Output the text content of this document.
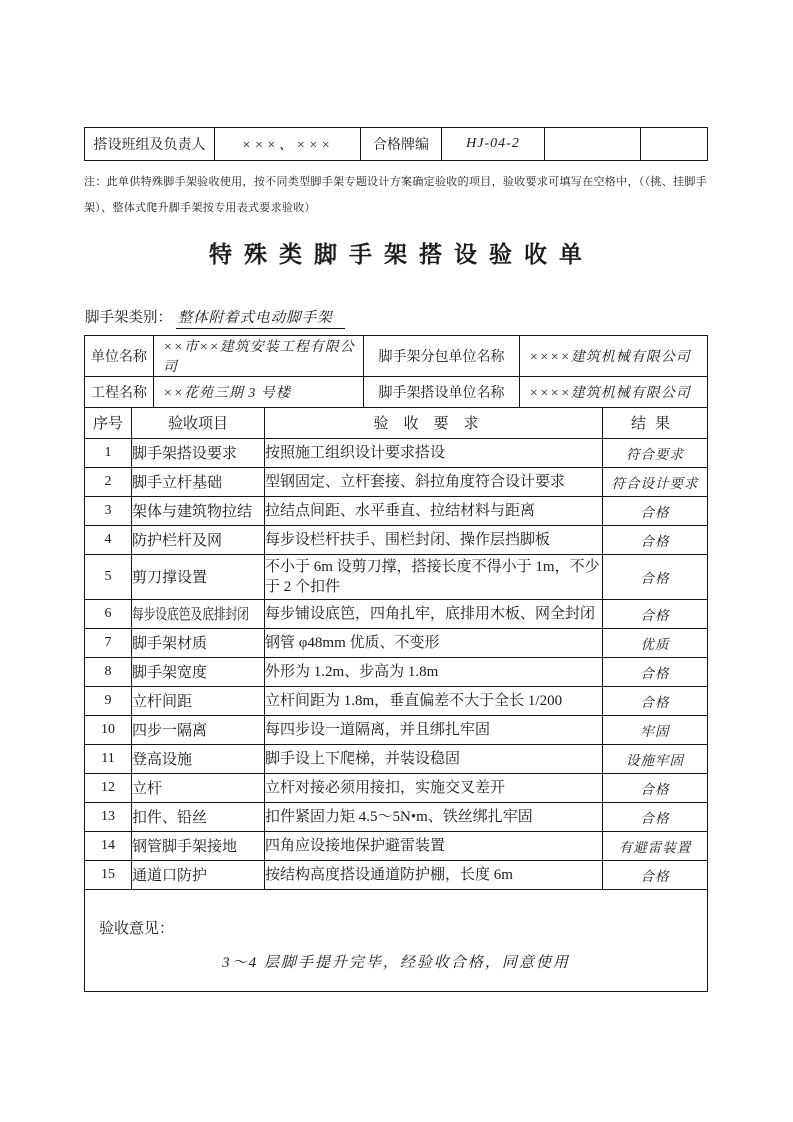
搭设班组及负责人	×××、×××	合格牌编	HJ-04-2		

注：此单供特殊脚手架验收使用，按不同类型脚手架专题设计方案确定验收的项目，验收要求可填写在空格中，（（挑、挂脚手架）、整体式爬升脚手架按专用表式要求验收）

特殊类脚手架搭设验收单
脚手架类别： 整体附着式电动脚手架
单位名称	××市××建筑安装工程有限公司	脚手架分包单位名称	××××建筑机械有限公司
工程名称	××花苑三期 3 号楼	脚手架搭设单位名称	××××建筑机械有限公司
序号	验收项目	验收要求	结果
1	脚手架搭设要求	按照施工组织设计要求搭设	符合要求
2	脚手立杆基础	型钢固定、立杆套接、斜拉角度符合设计要求	符合设计要求
3	架体与建筑物拉结	拉结点间距、水平垂直、拉结材料与距离	合格
4	防护栏杆及网	每步设栏杆扶手、围栏封闭、操作层挡脚板	合格
5	剪刀撑设置	不小于 6m 设剪刀撑，搭接长度不得小于 1m，不少于 2 个扣件	合格
6	每步设底笆及底排封闭	每步铺设底笆，四角扎牢，底排用木板、网全封闭	合格
7	脚手架材质	钢管 φ48mm 优质、不变形	优质
8	脚手架宽度	外形为 1.2m、步高为 1.8m	合格
9	立杆间距	立杆间距为 1.8m，垂直偏差不大于全长 1/200	合格
10	四步一隔离	每四步设一道隔离，并且绑扎牢固	牢固
11	登高设施	脚手设上下爬梯，并装设稳固	设施牢固
12	立杆	立杆对接必须用接扣，实施交叉差开	合格
13	扣件、铅丝	扣件紧固力矩 4.5～5N•m、铁丝绑扎牢固	合格
14	钢管脚手架接地	四角应设接地保护避雷装置	有避雷装置
15	通道口防护	按结构高度搭设通道防护棚，长度 6m	合格

验收意见：
3～4 层脚手提升完毕，经验收合格，同意使用			
